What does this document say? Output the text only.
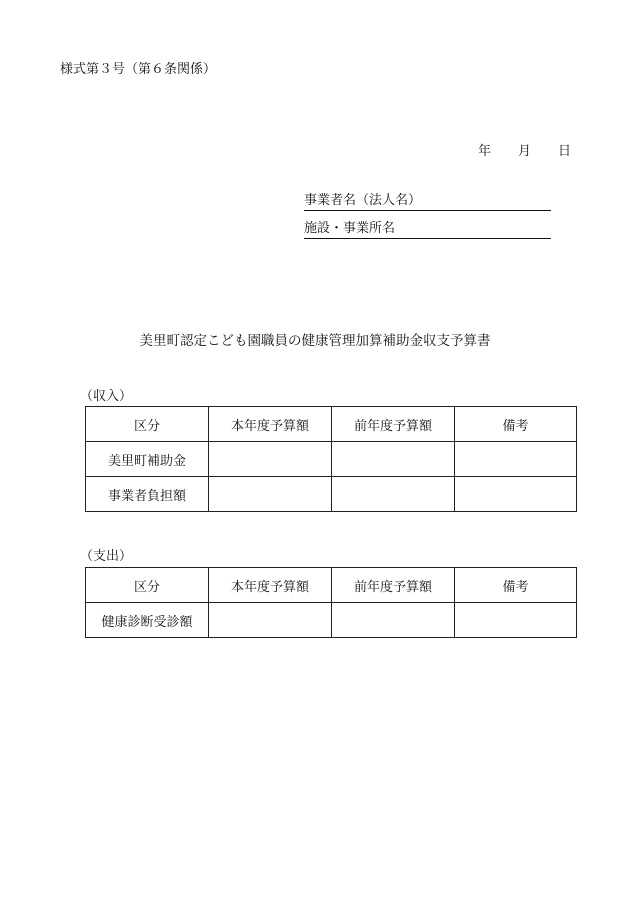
様式第３号（第６条関係）
年 月 日
事業者名（法人名）
施設・事業所名
美里町認定こども園職員の健康管理加算補助金収支予算書
（収入）
区分	本年度予算額	前年度予算額	備考
美里町補助金			
事業者負担額			
（支出）
区分	本年度予算額	前年度予算額	備考
健康診断受診額			
